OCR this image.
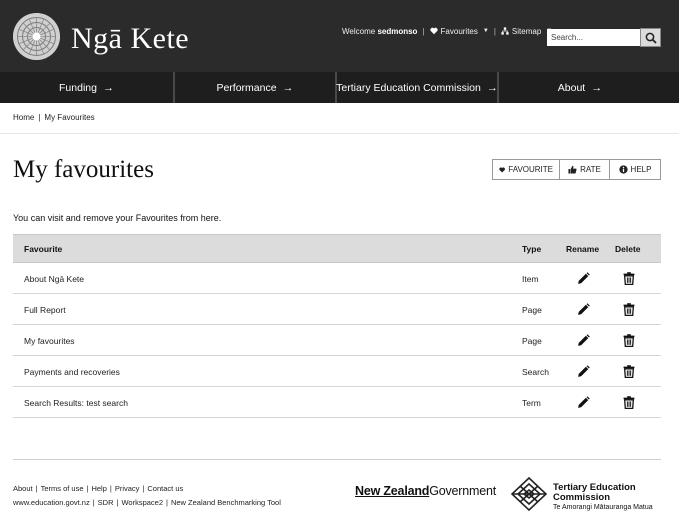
Ngā Kete	Welcome
sedmonso | Favourites ▼ | Sitemap
Search...
Funding →	Performance →	Tertiary Education Commission →	About →
Home | My Favourites
My favourites	FAVOURITE	RATE	HELP
You can visit and remove your Favourites from here.
Favourite	Type	Rename Delete
About Ngā Kete	Item
Full Report	Page
My favourites	Page
Payments and recoveries	Search
Search Results: test search	Term
About | Terms of use | Help | Privacy | Contact us
www.education.govt.nz | SDR | Workspace2 | New Zealand Benchmarking Tool
New ZealandGovernment	Tertiary Education
Commission
Te Amorangi Mātauranga Matua
